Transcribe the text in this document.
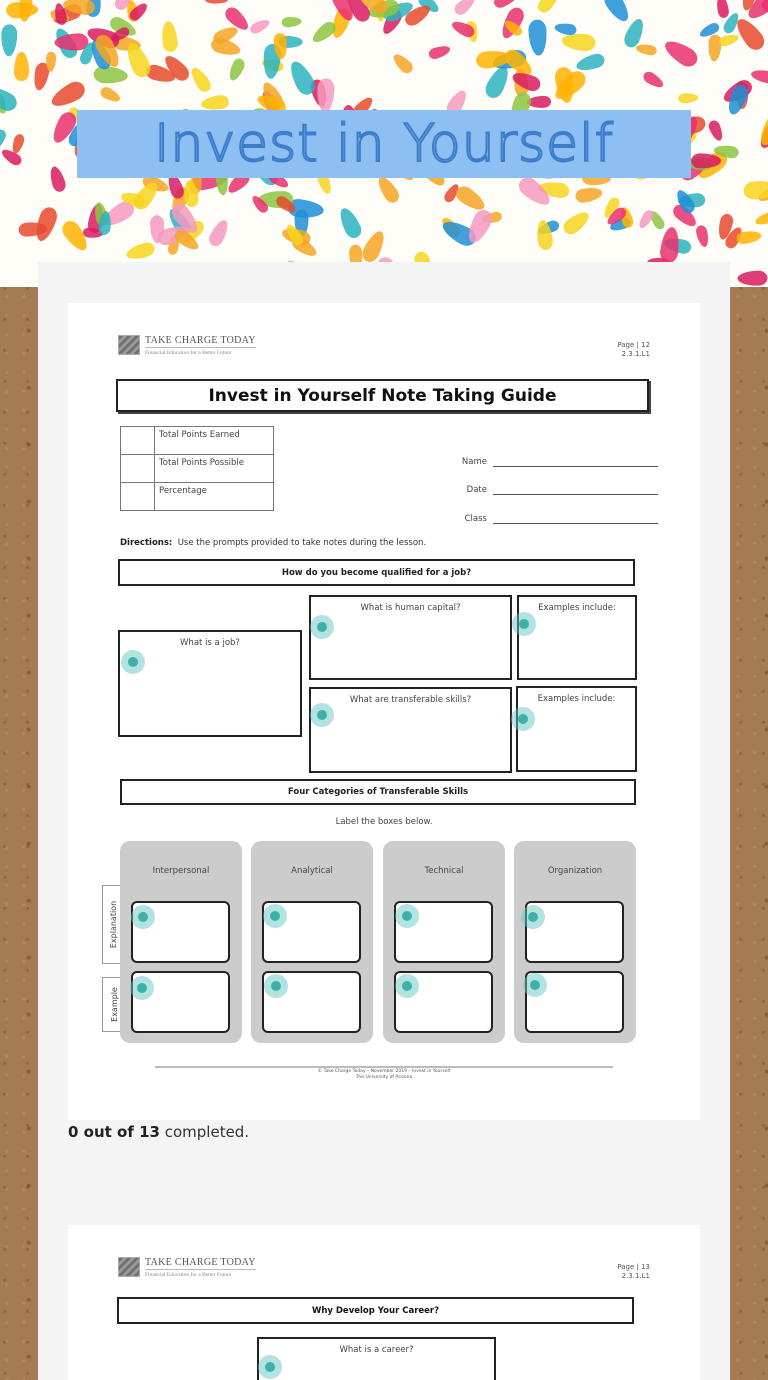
Invest in Yourself
TAKE CHARGE TODAY
Financial Education for a Better Future
Page | 12
2.3.1.L1
Invest in Yourself Note Taking Guide
	Total Points Earned
	Total Points Possible
	Percentage
Name
Date
Class
Directions: Use the prompts provided to take notes during the lesson.
How do you become qualified for a job?
What is a job?
What is human capital?	Examples include:
What are transferable skills?	Examples include:
Four Categories of Transferable Skills
Label the boxes below.
Explanation
Example
Interpersonal	Analytical	Technical	Organization
© Take Charge Today – November 2019 – Invest in Yourself
The University of Arizona
0 out of 13 completed.
TAKE CHARGE TODAY
Financial Education for a Better Future
Page | 13
2.3.1.L1
Why Develop Your Career?
What is a career?
